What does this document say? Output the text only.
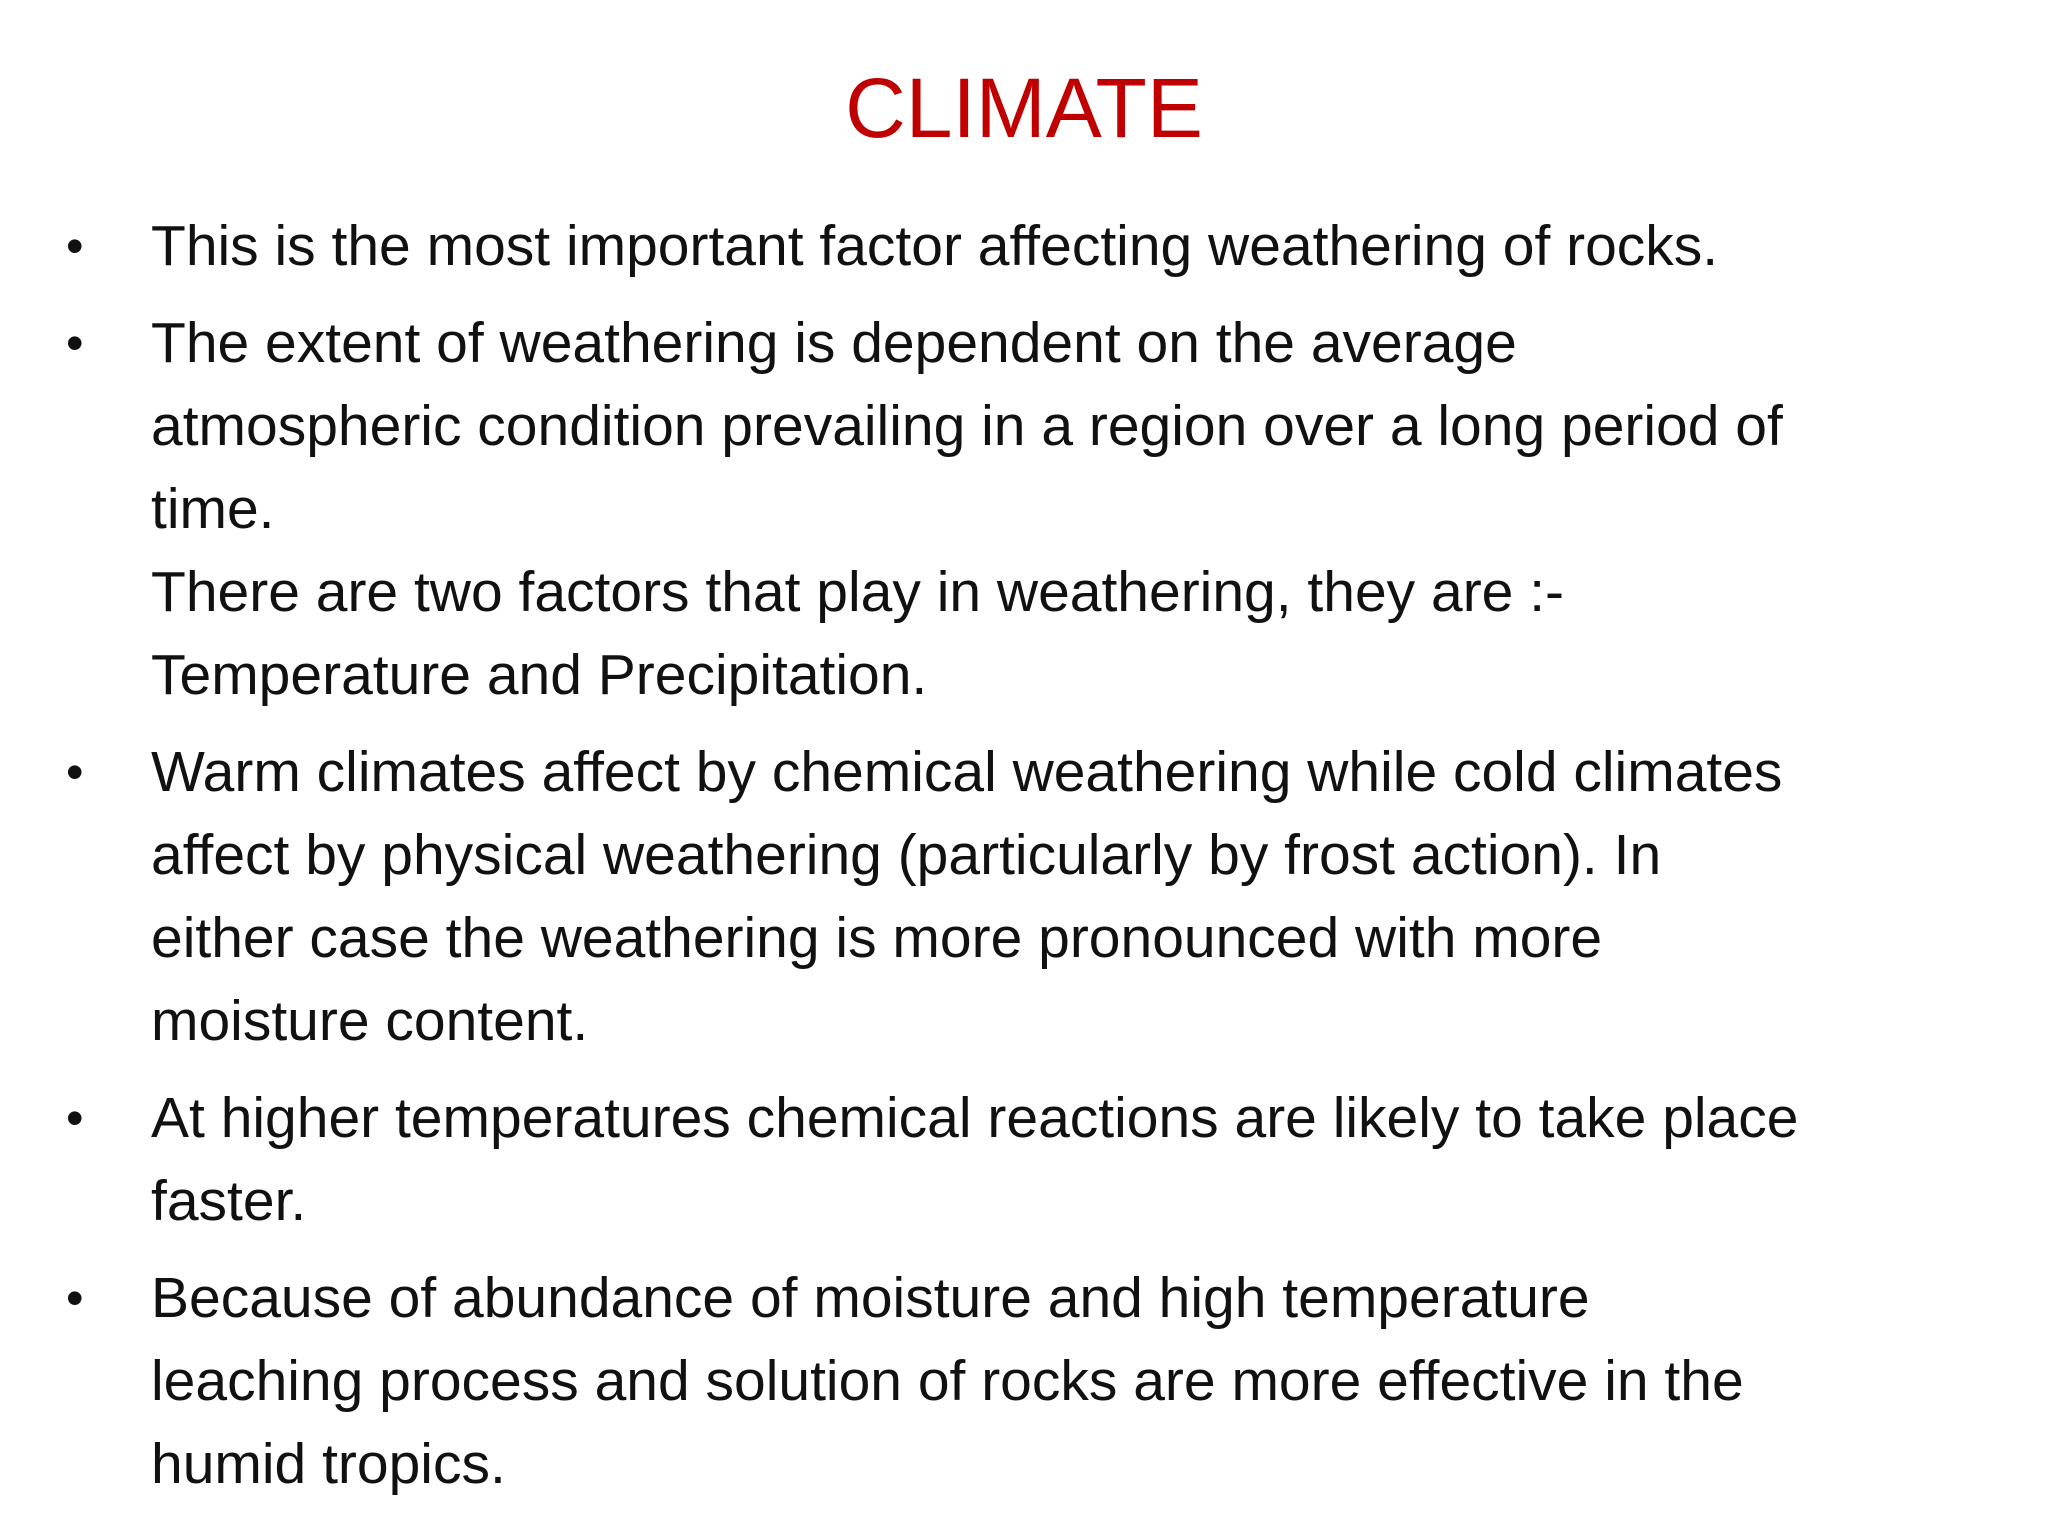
CLIMATE
•	This is the most important factor affecting weathering of rocks.
•	The extent of weathering is dependent on the average
atmospheric condition prevailing in a region over a long period of
time.
There are two factors that play in weathering, they are :-
Temperature and Precipitation.
•	Warm climates affect by chemical weathering while cold climates
affect by physical weathering (particularly by frost action). In
either case the weathering is more pronounced with more
moisture content.
•	At higher temperatures chemical reactions are likely to take place
faster.
•	Because of abundance of moisture and high temperature
leaching process and solution of rocks are more effective in the
humid tropics.
